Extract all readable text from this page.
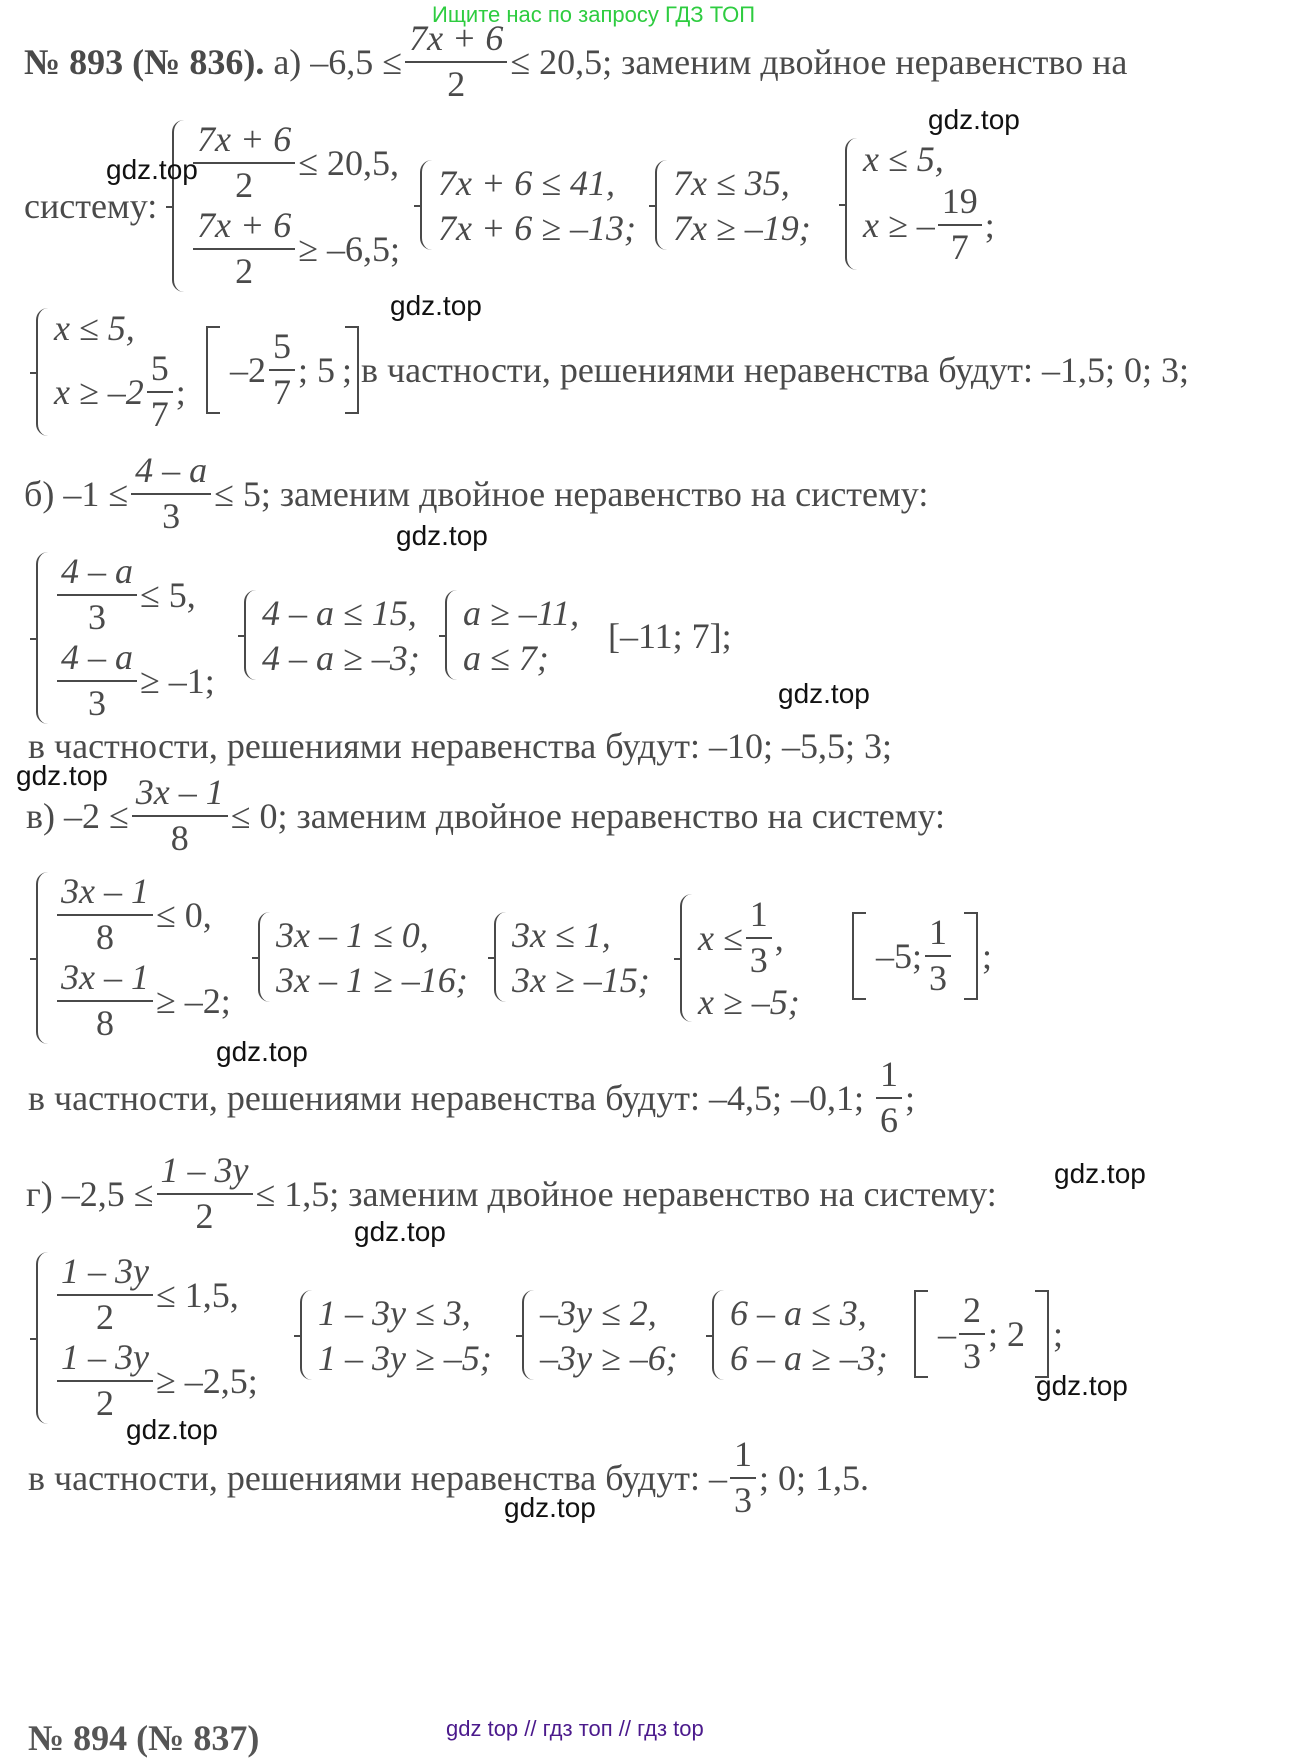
Ищите нас по запросу ГДЗ ТОП
№ 893 (№ 836).
а)
$-6,5 \le \frac{7x + 6}{2} \le 20,5$; заменим двойное неравенство на
систему:
$\frac{7x + 6}{2} \le 20,5$,
$\frac{7x + 6}{2} \ge -6,5$;
7x + 6 ≤ 41,
7x + 6 ≥ –13;
7x ≤ 35,
7x ≥ –19;
x ≤ 5,
x ≥ – $\frac{19}{7}$ ;
x ≤ 5,
$x \ge -2 \frac{5}{7}$ ;
$-2 \frac{5}{7}$ ; 5 ; в частности, решениями неравенства будут: –1,5; 0; 3;
б)
$-1 \le \frac{4 - a}{3} \le 5$; заменим двойное неравенство на систему:
$\frac{4 - a}{3} \le 5$,
$\frac{4 - a}{3} \ge -1$;
4 – a ≤ 15,
4 – a ≥ –3;
a ≥ –11,
a ≤ 7;
[–11; 7];
в частности, решениями неравенства будут: –10; –5,5; 3;
в)
$-2 \le \frac{3x - 1}{8} \le 0$; заменим двойное неравенство на систему:
$\frac{3x - 1}{8} \le 0$,
$\frac{3x - 1}{8} \ge -2$;
3x – 1 ≤ 0,
3x – 1 ≥ –16;
3x ≤ 1,
3x ≥ –15;
$x \le \frac{1}{3}$ ,
x ≥ –5;
–5; $\frac{1}{3}$ ;
в частности, решениями неравенства будут: –4,5; –0,1;
$\frac{1}{6}$ ;
г)
$-2,5 \le \frac{1 - 3y}{2} \le 1,5$; заменим двойное неравенство на систему:
$\frac{1 - 3y}{2} \le 1,5$,
$\frac{1 - 3y}{2} \ge -2,5$;
1 – 3y ≤ 3,
1 – 3y ≥ –5;
–3y ≤ 2,
–3y ≥ –6;
6 – a ≤ 3,
6 – a ≥ –3;
– $\frac{2}{3}$ ; 2 ;
в частности, решениями неравенства будут: – $\frac{1}{3}$ ; 0; 1,5.
№ 894 (№ 837)
gdz.top
gdz.top
gdz.top
gdz.top
gdz.top
gdz.top
gdz.top
gdz.top
gdz.top
gdz.top
gdz.top
gdz.top
gdz top // гдз топ // гдз top
